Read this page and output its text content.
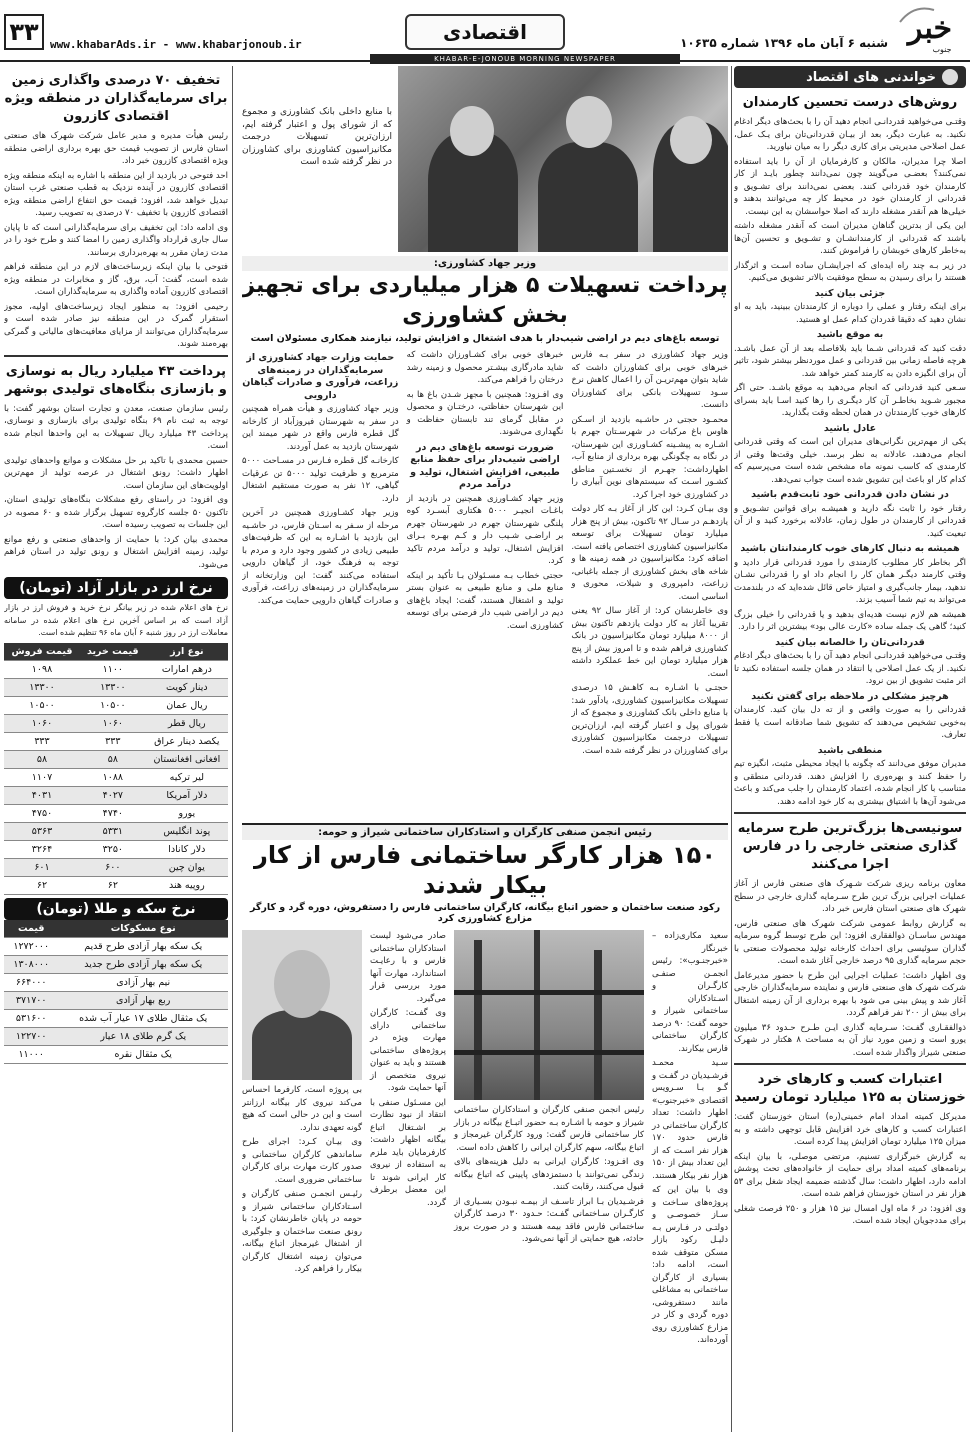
۳۳	www.khabarAds.ir - www.khabarjonoub.ir
اقتصادی
KHABAR-E-JONOUB MORNING NEWSPAPER
شنبه ۶ آبان ماه ۱۳۹۶ شماره ۱۰۶۳۵ خبر
جنوب
خواندنی های اقتصاد
روش‌های درست تحسین کارمندان

وقتـی می‌خواهید قدردانـی انجام دهید آن را با بحث‌های دیگر ادغام نکنید. به عبارت دیگر، بعد از بیـان قدردانی‌تان برای یـک عمل، عمل اصلاحی مدیریتی برای کاری دیگر را به میان نیاورید.

اصلا چرا مدیران، مالکان و کارفرمایان از آن را باید استفاده نمی‌کنند؟ بعضـی می‌گویند چون نمی‌دانند چطور بایـد از کار کارمندان خود قدردانی کنند. بعضی نمی‌دانند برای تشـویق و قدردانی از کارمندان خود در محیط کار چه می‌توانند بدهند و خیلی‌ها هم آنقدر مشغله دارند که اصلا حواسشان به این نیست.

این یکی از بدترین گناهان مدیران است که آنقدر مشغله داشته باشند که قدردانی از کارمندانشـان و تشـویق و تحسین آن‌ها به‌خاطر کارهای خوبشان را فراموش کنند.

در زیر بـه چند راه ایده‌ای که اجرایشـان ساده اسـت و اثرگذار هستند را برای رسیدن به سطح موفقیت بالاتر تشویق می‌کنیم.

جزئی بیان کنید

برای اینکه رفتار و عملی را دوباره از کارمندتان ببینید، باید به او نشان دهید که دقیقا قدردان کدام عمل او هستید.

به موقع باشید

دقت کنید که قدردانی شـما باید بلافاصله بعد از آن عمل باشـد. هرچه فاصله زمانی بین قدردانی و عمل موردنظر بیشتر شود، تاثیر آن برای انگیزه دادن به کارمند کمتر خواهد شد.

سـعی کنید قدردانی که انجام می‌دهید به موقع باشـد. حتی اگر مجبور شـوید بخاطـر آن کار دیگـری را رها کنید اسـا باید بسرای کارهای خوب کارمندتان در همان لحظه وقت بگذارید.

عادل باشید

یکی از مهم‌ترین نگرانی‌های مدیران این است که وقتی قدردانی انجام می‌دهند، عادلانه به نظر برسد. خیلی وقت‌ها وقتی از کارمندی که کاسب نمونه ماه مشخص شده است می‌پرسیم که کدام کار او باعث این تشویق شده است جواب نمی‌دهد.

در نشان دادن قدردانی خود ثابت‌قدم باشید

رفتار خود را ثابت نگه دارید و همیشـه برای قوانین تشـویق و قدردانی از کارمندان در طول زمان، عادلانه برخورد کنید و از آن تبعیت کنید.

همیشه به دنبال کارهای خوب کارمندانتان باشید

اگر بخاطر کار مطلوب کارمندی را مورد قدردانی قرار دادید و وقتی کارمند دیگـر همان کار را انجام داد او را قدردانی نشـان ندهید، بیمار جانب‌گیری و امتیاز خاص قائل شده‌اید که در بلندمدت می‌تواند به تیم شما آسیب بزند.

همیشه هم لازم نیست هدیه‌ای بدهید و یا قدردانی را خیلی بزرگ کنید؛ گاهی یک جمله ساده «کارت عالی بود» بیشترین اثر را دارد.

قدردانی‌تان را خالصانه بیان کنید

وقتـی می‌خواهید قدردانـی انجام دهید آن را با بحث‌های دیگر ادغام نکنید. از یک عمل اصلاحی یا انتقاد در همان جلسه استفاده نکنید تا اثر مثبت تشویق از بین نرود.

هرچیز مشکلی در ملاحظه برای گفتن نکنید

قدردانی را به صورت واقعی و از ته دل بیان کنید. کارمندان به‌خوبی تشخیص می‌دهند که تشویق شما صادقانه است یا فقط تعارف.

منطقی باشید

مدیران موفق می‌دانند که چگونه با ایجاد محیطی مثبت، انگیزه تیم را حفظ کنند و بهره‌وری را افزایش دهند. قدردانی منطقی و متناسب با کار انجام شده، اعتماد کارمندان را جلب می‌کند و باعث می‌شود آن‌ها با اشتیاق بیشتری به کار خود ادامه دهند.

سونیسی‌ها بزرگ‌ترین طرح سرمایه گذاری صنعتی خارجی را در فارس اجرا می‌کنند

معاون برنامه ریزی شرکت شـهرک های صنعتی فارس از آغاز عملیات اجرایی بزرگ ترین طرح سـرمایه گذاری خارجی در سطح شهرک های صنعتی استان فارس خبر داد.

به گزارش روابط عمومی شرکت شهرک های صنعتی فارس، مهندس ساسـان ذوالفقاری افزود: این طرح توسط گروه سرمایه گذاران سوئیسی برای احداث کارخانه تولید محصولات صنعتی با حجم سرمایه گذاری ۹۵ درصد خارجی آغاز شده است.

وی اظهار داشت: عملیات اجرایی این طرح با حضور مدیرعامل شرکت شهرک های صنعتی فارس و نماینده سرمایه‌گذاران خارجی آغاز شد و پیش بینی می شود با بهره برداری از آن زمینه اشتغال برای بیش از ۲۰۰ نفر فراهم گردد.

ذوالفقـاری گفـت: سـرمایه گذاری ایـن طـرح حـدود ۳۶ میلیون یورو است و زمین مورد نیاز آن به مساحت ۸ هکتار در شهرک صنعتی شیراز واگذار شده است.

اعتبارات کسب و کارهای خرد خوزستان به ۱۲۵ میلیارد تومان رسید

مدیرکل کمیته امداد امام خمینی(ره) استان خوزستان گفت: اعتبارات کسب و کارهای خرد افزایش قابل توجهی داشته و به میزان ۱۲۵ میلیارد تومان افزایش پیدا کرده است.

به گزارش خبرگزاری تسنیم، مرتضی موصلی، با بیان اینکه برنامه‌های کمیته امداد برای حمایت از خانواده‌های تحت پوشش ادامه دارد، اظهار داشت: سال گذشته ضمیمه ایجاد شغل برای ۵۳ هزار نفر در استان خوزستان فراهم شده است.

وی افزود: در ۶ ماه اول امسال نیز ۱۵ هزار و ۲۵۰ فرصت شغلی برای مددجویان ایجاد شده است.

با منابع داخلی بانک کشاورزی و مجموع که از شورای پول و اعتبار گرفته ایم، ارزان‌ترین تسهیلات درجمت مکانیزاسیون کشاورزی برای کشاورزان در نظر گرفته شده است
وزیر جهاد کشاورزی:
پرداخت تسهیلات ۵ هزار میلیاردی برای تجهیز بخش کشاورزی
توسعه باغ‌های دیم در اراضی شیب‌دار با هدف اشتغال و افزایش تولید، نیازمند همکاری مسئولان است

وزیر جهاد کشاورزی در سفر بـه فارس خبرهای خوبی برای کشاورزان داشت که شاید بتوان مهم‌تریـن آن را اعمال کاهش نرخ سـود تسهیلات بانکی برای کشاورزان دانست.

محمـود حجتی در حاشـیه بازدید از اسـکن هاوس باغ مرکبات در شهرسـتان جهرم با اشـاره به پیشـینه کشـاورزی این شهرستان، در نگاه به چگونگی بهره برداری از منابع آب، اظهارداشت: جهـرم از نخسـتین مناطق کشـور اسـت که سیستم‌های نوین آبیاری را در کشاورزی خود اجرا کرد.

وی بیـان کـرد: این کار از آغاز بـه کار دولت یازدهـم در سـال ۹۲ تاکنون، بیش از پنج هزار میلیارد تومان تسهیلات برای توسعه مکانیزاسیون کشاورزی اختصاص یافته است. اضافه کرد: مکانیزاسیون در همه زمینه ها و شاخه های بخش کشاورزی از جمله باغبانی، زراعت، دامپروری و شیلات، محوری و اساسی است.

وی خاطرنشان کرد: از آغاز سال ۹۲ یعنی تقریبا آغاز به کار دولت یازدهم تاکنون بیش از ۸۰۰۰ میلیارد تومان مکانیزاسیون در بانک کشاورزی فراهم شده و تا امروز بیش از پنج هزار میلیارد تومان این خط عملکرد داشته است.

حجتـی با اشـاره بـه کاهـش ۱۵ درصدی تسهیلات مکانیزاسیون کشاورزی، یادآور شد: با منابع داخلی بانک کشاورزی و مجموع که از شورای پول و اعتبار گرفته ایم، ارزان‌ترین تسهیلات درجمت مکانیزاسیون کشاورزی برای کشاورزان در نظر گرفته شده است.

خبرهای خوبی برای کشـاورزان داشت که شاید مادرگاری بیشـتر محصول و زمینه رشد درختان را فراهم می‌کند.

وی افـزود: همچنین با مجهز شـدن باغ ها به این شهرستان حفاظتی، درختـان و محصول در مقابل گرمای تند تابستان حفاظت و نگهداری می‌شوند.

ضرورت توسعه باغ‌های دیم در اراضی شیب‌دار برای حفظ منابع طبیعی، افزایش اشتغال، تولید و درآمد مردم

وزیر جهاد کشـاورزی همچنین در بازدید از باغـات انجیـر ۵۰۰۰ هکتاری آبسـرد کوه پلنگی شهرستان جهرم در شهرستان جهرم بر اراضـی شـیب دار و کـم بهـره بـرای افزایش اشتغال، تولید و درآمد مردم تاکید کرد.

حجتی خطاب بـه مسـئولان بـا تأکید بر اینکه منابع ملی و منابع طبیعی به عنوان بستر تولید و اشتغال هستند، گفت: ایجاد باغ‌های دیم در اراضی شیب دار فرصتی برای توسعه کشاورزی است.

حمایت وزارت جهاد کشاورزی از سرمایه‌گذاران در زمینه‌های زراعت، فرآوری و صادرات گیاهان دارویی

وزیر جهاد کشاورزی و هیأت همراه همچنین در سفر به شهرستان فیروزآباد از کارخانه گل قطره فارس واقع در شهر میمند این شهرستان بازدید به عمل آوردند.

کارخانـه گل قطره فـارس در مسـاحت ۵۰۰۰ مترمربع و ظرفیت تولید ۵۰۰۰ تن عرقیات گیاهی، ۱۲ نفر به صورت مستقیم اشتغال دارد.

وزیر جهاد کشـاورزی همچنین در آخرین مرحله از سـفر به اسـتان فارس، در حاشـیه این بازدید با اشـاره به این که ظرفیت‌های طبیعی زیادی در کشور وجود دارد و مردم با توجه به فرهنگ خود، از گیاهان دارویی استفاده می‌کنند گفت: این وزارتخانه از سرمایه‌گذاران در زمینه‌های زراعت، فرآوری و صادرات گیاهان دارویی حمایت می‌کند.

رئیس انجمن صنفی کارگران و استادکاران ساختمانی شیراز و حومه:
۱۵۰ هزار کارگر ساختمانی فارس از کار بیکار شدند
رکود صنعت ساختمان و حضور اتباع بیگانه، کارگران ساختمانی فارس را دستفروش، دوره گرد و کارگر مزارع کشاورزی کرد

سعید مکاری‌زاده – خبرنگار «خبرجنـوب»: رئیس انجمـن صنفـی کارگـران و اسـتادکاران ساختمانی شیراز و حومه گفت: ۹۰ درصد کارگران ساختمانی فارس بیکارند.

سـید محمـد فرشـیدیان در گفـت و گـو بـا سـرویس اقتصادی «خبرجنوب» اظهار داشت: تعداد کارگران ساختمانی در فارس حدود ۱۷۰ هزار نفر اسـت که از این تعداد بیش از ۱۵۰ هزار نفر بیکار هستند.

وی با بیان این که پروژه‌های سـاخت و سـاز خصوصـی و دولتـی در فـارس بـه دلیـل رکود بازار مسکن متوقف شده است، ادامه داد: بسیاری از کارگران ساختمانی به مشاغلی مانند دستفروشی، دوره گردی و کار در مزارع کشاورزی روی آورده‌اند.

رئیس انجمن صنفی کارگران و استادکاران ساختمانی شیراز و حومه با اشـاره بـه حضور اتبـاع بیگانه در بازار کار ساختمانی فارس گفت: ورود کارگران غیرمجاز و اتباع بیگانه، سهم کارگران ایرانی را کاهش داده است.

وی افـزود: کارگران ایرانی به دلیل هزینه‌های بالای زندگی نمی‌توانند با دستمزدهای پایینی که اتباع بیگانه قبول می‌کنند، رقابت کنند.

فرشـیدیان بـا ابراز تاسـف از بیمـه نبـودن بسـیاری از کارگـران سـاختمانی گفـت: حـدود ۳۰ درصد کارگران ساختمانی فارس فاقد بیمه هستند و در صورت بروز حادثه، هیچ حمایتی از آنها نمی‌شود.

صادر می‌شود لیست استادکاران ساختمانی فارس و با رعایـت استاندارد، مهارت آنها مورد بررسی قرار می‌گیرد.

وی گفـت: کارگران ساختمانی دارای مهارت ویژه در پروژه‌های ساختمانی هستند و باید به عنوان نیروی متخصص از آنها حمایت شود.

این مسـئول صنفی با انتقاد از نبود نظارت بر اشـتغال اتباع بیگانه اظهار داشت: کارفرمایان باید ملزم به استفاده از نیروی کار ایرانی شوند تا این معضل برطرف گردد.

بی پروژه است، کارفرما احساس می‌کند نیروی کار بیگانه ارزانتر است و این در حالی است که هیچ گونه تعهدی ندارد.

وی بیـان کـرد: اجرای طرح ساماندهی کارگران ساختمانی و صدور کارت مهارت برای کارگران ساختمانی ضروری است.

رئیـس انجمـن صنفی کارگران و اسـتادکاران ساختمانی شیراز و حومه در پایان خاطرنشان کرد: با رونق صنعت ساختمان و جلوگیری از اشتغال غیرمجاز اتباع بیگانه، می‌توان زمینه اشتغال کارگران بیکار را فراهم کرد.

تخفیف ۷۰ درصدی واگذاری زمین برای سرمایه‌گذاران در منطقه ویژه اقتصادی کازرون

رئیس هیأت مدیره و مدیر عامل شرکت شهرک های صنعتی استان فارس از تصویب قیمت حق بهره برداری اراضی منطقه ویژه اقتصادی کازرون خبر داد.

احد فتوحی در بازدید از این منطقه با اشاره به اینکه منطقه ویژه اقتصادی کازرون در آینده نزدیک به قطب صنعتی غرب استان تبدیل خواهد شد، افزود: قیمت حق انتفاع اراضی منطقه ویژه اقتصادی کازرون با تخفیف ۷۰ درصدی به تصویب رسید.

وی ادامه داد: این تخفیف برای سرمایه‌گذارانی است که تا پایان سال جاری قرارداد واگذاری زمین را امضا کنند و طرح خود را در مدت زمان مقرر به بهره‌برداری برسانند.

فتوحی با بیان اینکه زیرساخت‌های لازم در این منطقه فراهم شده است، گفت: آب، برق، گاز و مخابرات در منطقه ویژه اقتصادی کازرون آماده واگذاری به سرمایه‌گذاران است.

رحیمی افزود: به منظور ایجاد زیرساخت‌های اولیه، مجوز استقرار گمرک در این منطقه نیز صادر شده است و سرمایه‌گذاران می‌توانند از مزایای معافیت‌های مالیاتی و گمرکی بهره‌مند شوند.

پرداخت ۴۳ میلیارد ریال به نوسازی و بازسازی بنگاه‌های تولیدی بوشهر

رئیس سازمان صنعت، معدن و تجارت استان بوشهر گفت: با توجه به ثبت نام ۶۹ بنگاه تولیدی برای بازسازی و نوسازی، پرداخت ۴۳ میلیارد ریال تسهیلات به این واحدها انجام شده است.

حسین محمدی با تاکید بر حل مشکلات و موانع واحدهای تولیدی اظهار داشت: رونق اشتغال در عرصه تولید از مهم‌ترین اولویت‌های این سازمان است.

وی افزود: در راستای رفع مشکلات بنگاه‌های تولیدی استان، تاکنون ۵۰ جلسه کارگروه تسهیل برگزار شده و ۶۰ مصوبه در این جلسات به تصویب رسیده است.

محمدی بیان کرد: با حمایت از واحدهای صنعتی و رفع موانع تولید، زمینه افزایش اشتغال و رونق تولید در استان فراهم می‌شود.

نرخ ارز در بازار آزاد (تومان)
نرخ های اعلام شده در زیر بیانگر نرخ خرید و فروش ارز در بازار آزاد است که بر اساس آخرین نرخ های اعلام شده در سامانه معاملات ارز در روز شنبه ۶ آبان ماه ۹۶ تنظیم شده است.
نوع ارز	قیمت خرید	قیمت فروش
درهم امارات	۱۱۰۰	۱۰۹۸
دینار کویت	۱۳۳۰۰	۱۳۳۰۰
ریال عمان	۱۰۵۰۰	۱۰۵۰۰
ریال قطر	۱۰۶۰	۱۰۶۰
یکصد دینار عراق	۳۳۳	۳۳۳
افغانی افغانستان	۵۸	۵۸
لیر ترکیه	۱۰۸۸	۱۱۰۷
دلار آمریکا	۴۰۲۷	۴۰۳۱
یورو	۴۷۴۰	۴۷۵۰
پوند انگلیس	۵۳۳۱	۵۳۶۳
دلار کانادا	۳۲۵۰	۳۲۶۴
یوان چین	۶۰۰	۶۰۱
روپیه هند	۶۲	۶۲
نرخ سکه و طلا (تومان)
نوع مسکوکات	قیمت
یک سکه بهار آزادی طرح قدیم	۱۲۷۲۰۰۰
یک سکه بهار آزادی طرح جدید	۱۳۰۸۰۰۰
نیم بهار آزادی	۶۶۴۰۰۰
ربع بهار آزادی	۳۷۱۷۰۰
یک مثقال طلای ۱۷ عیار آب شده	۵۳۱۶۰۰
یک گرم طلای ۱۸ عیار	۱۲۲۷۰۰
یک مثقال نقره	۱۱۰۰۰
